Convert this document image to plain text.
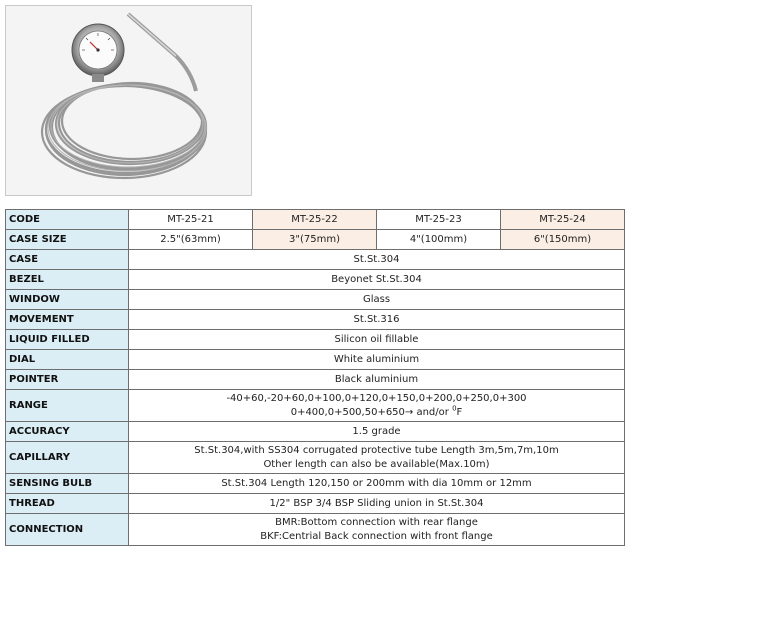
CODE	MT-25-21	MT-25-22	MT-25-23	MT-25-24
CASE SIZE	2.5"(63mm)	3"(75mm)	4"(100mm)	6"(150mm)
CASE	St.St.304			
BEZEL	Beyonet St.St.304			
WINDOW	Glass			
MOVEMENT	St.St.316			
LIQUID FILLED	Silicon oil fillable			
DIAL	White aluminium			
POINTER	Black aluminium			
RANGE	-40+60,-20+60,0+100,0+120,0+150,0+200,0+250,0+300
0+400,0+500,50+650→ and/or $^0$F			

ACCURACY	1.5 grade			
CAPILLARY	St.St.304,with SS304 corrugated protective tube Length 3m,5m,7m,10m
Other length can also be available(Max.10m)			

SENSING BULB	St.St.304 Length 120,150 or 200mm with dia 10mm or 12mm			
THREAD	1/2" BSP 3/4 BSP Sliding union in St.St.304			
CONNECTION	BMR:Bottom connection with rear flange
BKF:Centrial Back connection with front flange			
